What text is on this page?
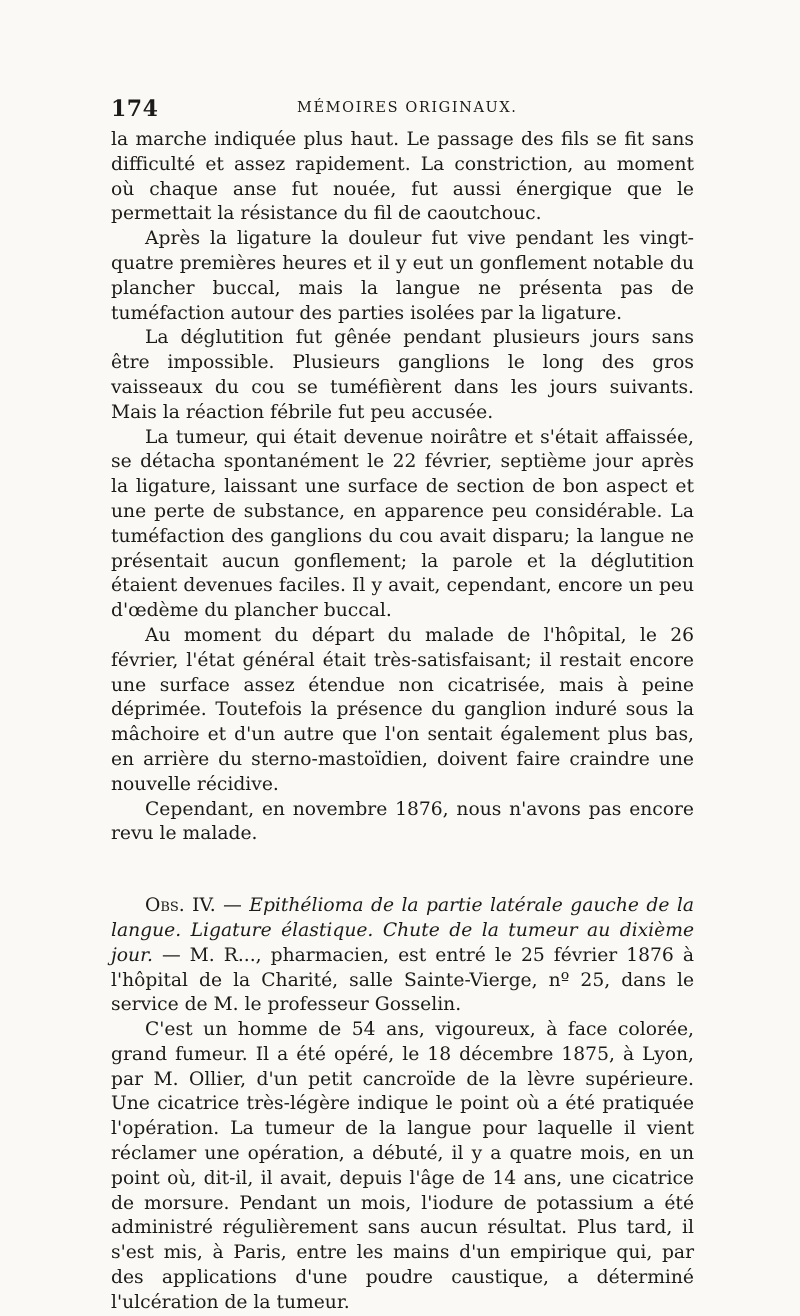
174	MÉMOIRES ORIGINAUX.

la marche indiquée plus haut. Le passage des fils se fit sans difficulté et assez rapidement. La constriction, au moment où chaque anse fut nouée, fut aussi énergique que le permettait la résistance du fil de caoutchouc.

Après la ligature la douleur fut vive pendant les vingt-quatre premières heures et il y eut un gonflement notable du plancher buccal, mais la langue ne présenta pas de tuméfaction autour des parties isolées par la ligature.

La déglutition fut gênée pendant plusieurs jours sans être impossible. Plusieurs ganglions le long des gros vaisseaux du cou se tuméfièrent dans les jours suivants. Mais la réaction fébrile fut peu accusée.

La tumeur, qui était devenue noirâtre et s'était affaissée, se détacha spontanément le 22 février, septième jour après la ligature, laissant une surface de section de bon aspect et une perte de substance, en apparence peu considérable. La tuméfaction des ganglions du cou avait disparu; la langue ne présentait aucun gonflement; la parole et la déglutition étaient devenues faciles. Il y avait, cependant, encore un peu d'œdème du plancher buccal.

Au moment du départ du malade de l'hôpital, le 26 février, l'état général était très-satisfaisant; il restait encore une surface assez étendue non cicatrisée, mais à peine déprimée. Toutefois la présence du ganglion induré sous la mâchoire et d'un autre que l'on sentait également plus bas, en arrière du sterno-mastoïdien, doivent faire craindre une nouvelle récidive.

Cependant, en novembre 1876, nous n'avons pas encore revu le malade.

Obs. IV. — Epithélioma de la partie latérale gauche de la langue. Ligature élastique. Chute de la tumeur au dixième jour. — M. R..., pharmacien, est entré le 25 février 1876 à l'hôpital de la Charité, salle Sainte-Vierge, nº 25, dans le service de M. le professeur Gosselin.

C'est un homme de 54 ans, vigoureux, à face colorée, grand fumeur. Il a été opéré, le 18 décembre 1875, à Lyon, par M. Ollier, d'un petit cancroïde de la lèvre supérieure. Une cicatrice très-légère indique le point où a été pratiquée l'opération. La tumeur de la langue pour laquelle il vient réclamer une opération, a débuté, il y a quatre mois, en un point où, dit-il, il avait, depuis l'âge de 14 ans, une cicatrice de morsure. Pendant un mois, l'iodure de potassium a été administré régulièrement sans aucun résultat. Plus tard, il s'est mis, à Paris, entre les mains d'un empirique qui, par des applications d'une poudre caustique, a déterminé l'ulcération de la tumeur.
